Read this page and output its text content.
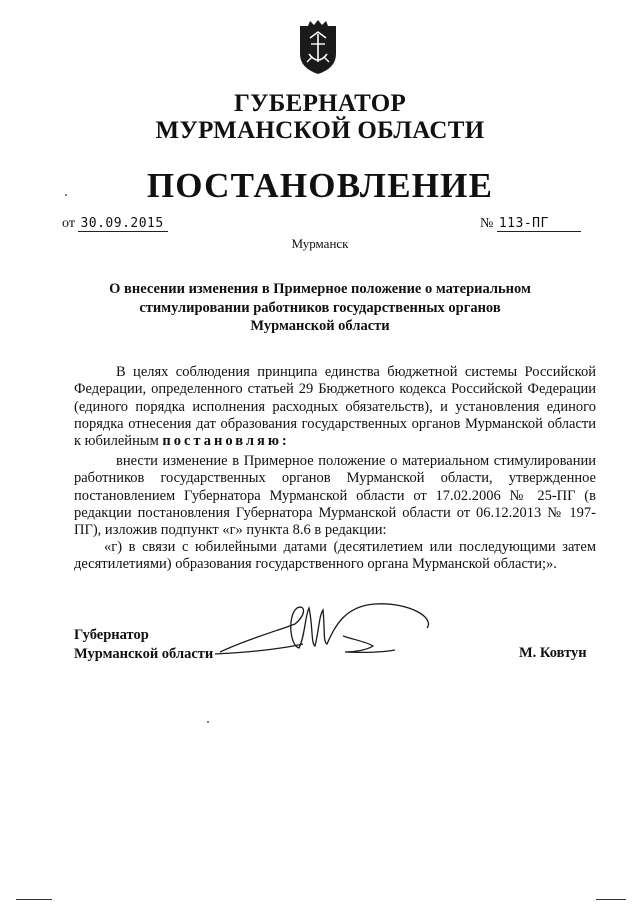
ГУБЕРНАТОР
МУРМАНСКОЙ ОБЛАСТИ
ПОСТАНОВЛЕНИЕ
от 30.09.2015	№ 113-ПГ
Мурманск
О внесении изменения в Примерное положение о материальном
стимулировании работников государственных органов
Мурманской области
В целях соблюдения принципа единства бюджетной системы Российской Федерации, определенного статьей 29 Бюджетного кодекса Российской Федерации (единого порядка исполнения расходных обязательств), и установления единого порядка отнесения дат образования государственных органов Мурманской области к юбилейным постановляю:
внести изменение в Примерное положение о материальном стимулировании работников государственных органов Мурманской области, утвержденное постановлением Губернатора Мурманской области от 17.02.2006 № 25-ПГ (в редакции постановления Губернатора Мурманской области от 06.12.2013 № 197-ПГ), изложив подпункт «г» пункта 8.6 в редакции:
«г) в связи с юбилейными датами (десятилетием или последующими затем десятилетиями) образования государственного органа Мурманской области;».
Губернатор
Мурманской области	М. Ковтун
